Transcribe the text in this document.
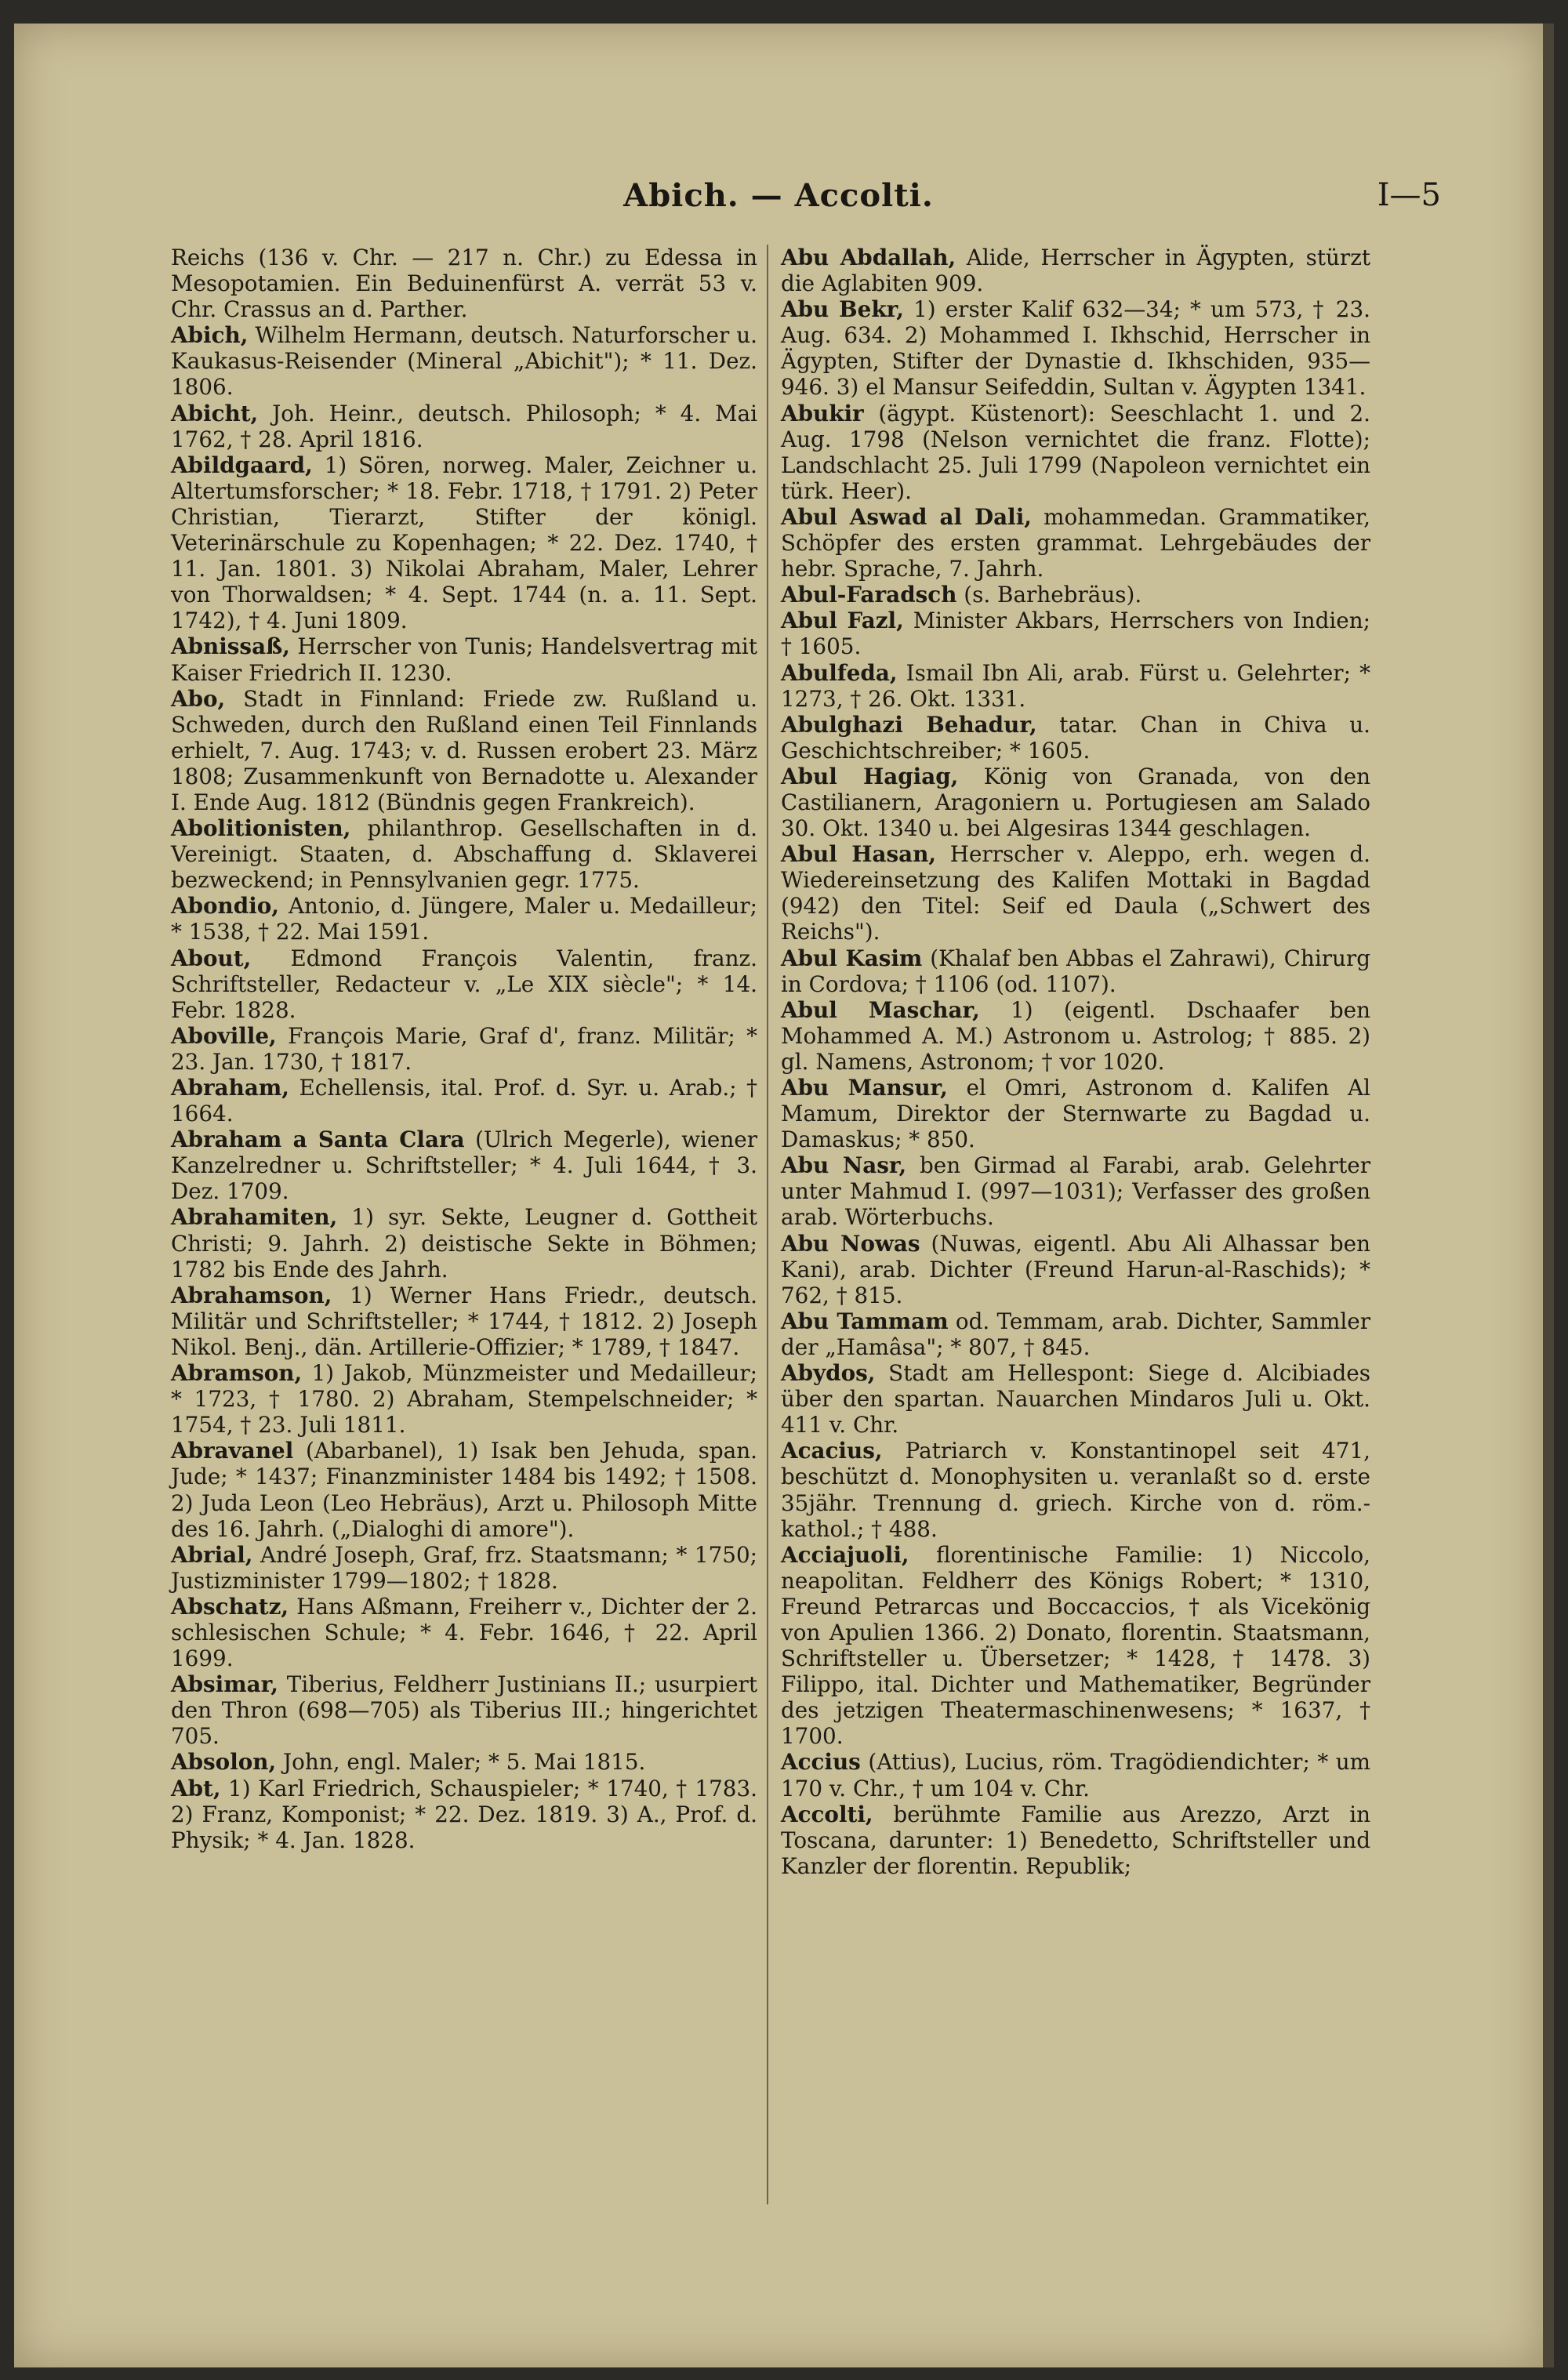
Abich. — Accolti.	I—5

Reichs (136 v. Chr. — 217 n. Chr.) zu Edessa in Mesopotamien. Ein Beduinenfürst A. verrät 53 v. Chr. Crassus an d. Parther.

Abich, Wilhelm Hermann, deutsch. Naturforscher u. Kaukasus-Reisender (Mineral „Abichit"); * 11. Dez. 1806.

Abicht, Joh. Heinr., deutsch. Philosoph; * 4. Mai 1762, † 28. April 1816.

Abildgaard, 1) Sören, norweg. Maler, Zeichner u. Altertumsforscher; * 18. Febr. 1718, † 1791. 2) Peter Christian, Tierarzt, Stifter der königl. Veterinärschule zu Kopenhagen; * 22. Dez. 1740, † 11. Jan. 1801. 3) Nikolai Abraham, Maler, Lehrer von Thorwaldsen; * 4. Sept. 1744 (n. a. 11. Sept. 1742), † 4. Juni 1809.

Abnissaß, Herrscher von Tunis; Handelsvertrag mit Kaiser Friedrich II. 1230.

Abo, Stadt in Finnland: Friede zw. Rußland u. Schweden, durch den Rußland einen Teil Finnlands erhielt, 7. Aug. 1743; v. d. Russen erobert 23. März 1808; Zusammenkunft von Bernadotte u. Alexander I. Ende Aug. 1812 (Bündnis gegen Frankreich).

Abolitionisten, philanthrop. Gesellschaften in d. Vereinigt. Staaten, d. Abschaffung d. Sklaverei bezweckend; in Pennsylvanien gegr. 1775.

Abondio, Antonio, d. Jüngere, Maler u. Medailleur; * 1538, † 22. Mai 1591.

About, Edmond François Valentin, franz. Schriftsteller, Redacteur v. „Le XIX siècle"; * 14. Febr. 1828.

Aboville, François Marie, Graf d', franz. Militär; * 23. Jan. 1730, † 1817.

Abraham, Echellensis, ital. Prof. d. Syr. u. Arab.; † 1664.

Abraham a Santa Clara (Ulrich Megerle), wiener Kanzelredner u. Schriftsteller; * 4. Juli 1644, † 3. Dez. 1709.

Abrahamiten, 1) syr. Sekte, Leugner d. Gottheit Christi; 9. Jahrh. 2) deistische Sekte in Böhmen; 1782 bis Ende des Jahrh.

Abrahamson, 1) Werner Hans Friedr., deutsch. Militär und Schriftsteller; * 1744, † 1812. 2) Joseph Nikol. Benj., dän. Artillerie-Offizier; * 1789, † 1847.

Abramson, 1) Jakob, Münzmeister und Medailleur; * 1723, † 1780. 2) Abraham, Stempelschneider; * 1754, † 23. Juli 1811.

Abravanel (Abarbanel), 1) Isak ben Jehuda, span. Jude; * 1437; Finanzminister 1484 bis 1492; † 1508. 2) Juda Leon (Leo Hebräus), Arzt u. Philosoph Mitte des 16. Jahrh. („Dialoghi di amore").

Abrial, André Joseph, Graf, frz. Staatsmann; * 1750; Justizminister 1799—1802; † 1828.

Abschatz, Hans Aßmann, Freiherr v., Dichter der 2. schlesischen Schule; * 4. Febr. 1646, † 22. April 1699.

Absimar, Tiberius, Feldherr Justinians II.; usurpiert den Thron (698—705) als Tiberius III.; hingerichtet 705.

Absolon, John, engl. Maler; * 5. Mai 1815.

Abt, 1) Karl Friedrich, Schauspieler; * 1740, † 1783. 2) Franz, Komponist; * 22. Dez. 1819. 3) A., Prof. d. Physik; * 4. Jan. 1828.

Abu Abdallah, Alide, Herrscher in Ägypten, stürzt die Aglabiten 909.

Abu Bekr, 1) erster Kalif 632—34; * um 573, † 23. Aug. 634. 2) Mohammed I. Ikhschid, Herrscher in Ägypten, Stifter der Dynastie d. Ikhschiden, 935—946. 3) el Mansur Seifeddin, Sultan v. Ägypten 1341.

Abukir (ägypt. Küstenort): Seeschlacht 1. und 2. Aug. 1798 (Nelson vernichtet die franz. Flotte); Landschlacht 25. Juli 1799 (Napoleon vernichtet ein türk. Heer).

Abul Aswad al Dali, mohammedan. Grammatiker, Schöpfer des ersten grammat. Lehrgebäudes der hebr. Sprache, 7. Jahrh.

Abul-Faradsch (s. Barhebräus).

Abul Fazl, Minister Akbars, Herrschers von Indien; † 1605.

Abulfeda, Ismail Ibn Ali, arab. Fürst u. Gelehrter; * 1273, † 26. Okt. 1331.

Abulghazi Behadur, tatar. Chan in Chiva u. Geschichtschreiber; * 1605.

Abul Hagiag, König von Granada, von den Castilianern, Aragoniern u. Portugiesen am Salado 30. Okt. 1340 u. bei Algesiras 1344 geschlagen.

Abul Hasan, Herrscher v. Aleppo, erh. wegen d. Wiedereinsetzung des Kalifen Mottaki in Bagdad (942) den Titel: Seif ed Daula („Schwert des Reichs").

Abul Kasim (Khalaf ben Abbas el Zahrawi), Chirurg in Cordova; † 1106 (od. 1107).

Abul Maschar, 1) (eigentl. Dschaafer ben Mohammed A. M.) Astronom u. Astrolog; † 885. 2) gl. Namens, Astronom; † vor 1020.

Abu Mansur, el Omri, Astronom d. Kalifen Al Mamum, Direktor der Sternwarte zu Bagdad u. Damaskus; * 850.

Abu Nasr, ben Girmad al Farabi, arab. Gelehrter unter Mahmud I. (997—1031); Verfasser des großen arab. Wörterbuchs.

Abu Nowas (Nuwas, eigentl. Abu Ali Alhassar ben Kani), arab. Dichter (Freund Harun-al-Raschids); * 762, † 815.

Abu Tammam od. Temmam, arab. Dichter, Sammler der „Hamâsa"; * 807, † 845.

Abydos, Stadt am Hellespont: Siege d. Alcibiades über den spartan. Nauarchen Mindaros Juli u. Okt. 411 v. Chr.

Acacius, Patriarch v. Konstantinopel seit 471, beschützt d. Monophysiten u. veranlaßt so d. erste 35jähr. Trennung d. griech. Kirche von d. röm.-kathol.; † 488.

Acciajuoli, florentinische Familie: 1) Niccolo, neapolitan. Feldherr des Königs Robert; * 1310, Freund Petrarcas und Boccaccios, † als Vicekönig von Apulien 1366. 2) Donato, florentin. Staatsmann, Schriftsteller u. Übersetzer; * 1428, † 1478. 3) Filippo, ital. Dichter und Mathematiker, Begründer des jetzigen Theatermaschinenwesens; * 1637, † 1700.

Accius (Attius), Lucius, röm. Tragödiendichter; * um 170 v. Chr., † um 104 v. Chr.

Accolti, berühmte Familie aus Arezzo, Arzt in Toscana, darunter: 1) Benedetto, Schriftsteller und Kanzler der florentin. Republik;
